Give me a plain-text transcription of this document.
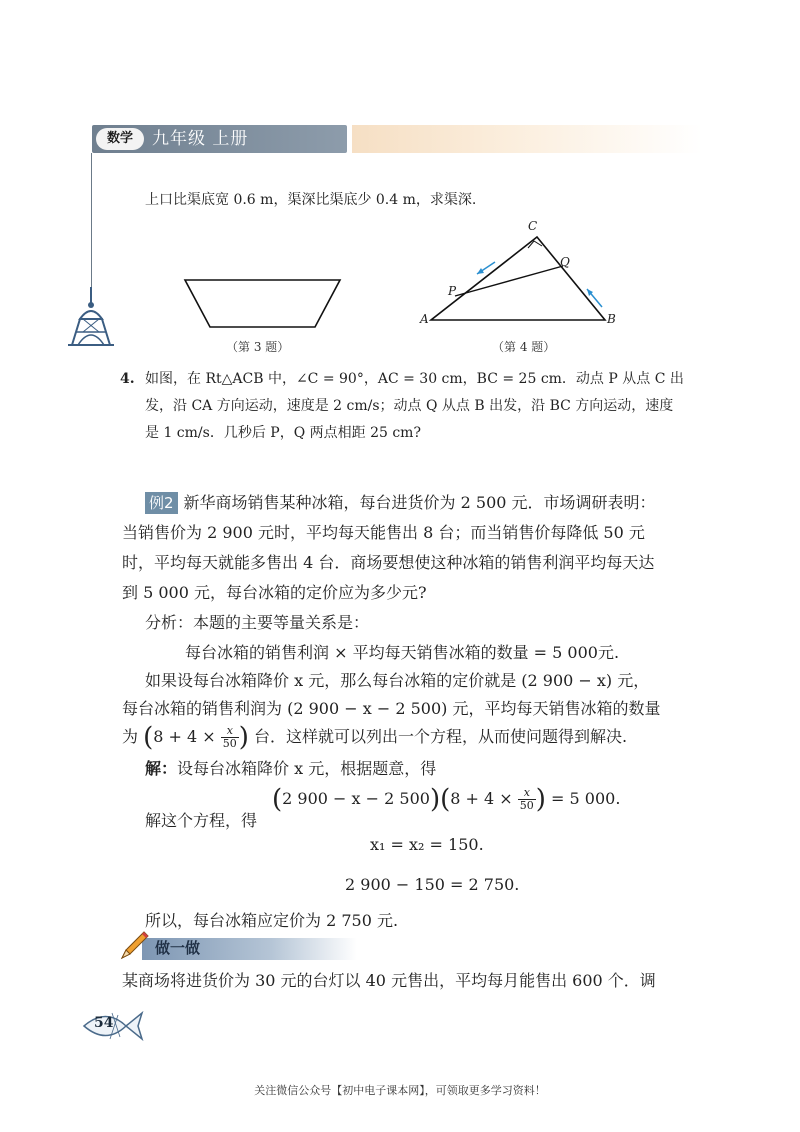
数学	九年级 上册
上口比渠底宽 0.6 m，渠深比渠底少 0.4 m，求渠深.
（第 3 题）
A	B
C
P
Q
（第 4 题）
4. 如图，在 Rt△ACB 中，∠C = 90°，AC = 30 cm，BC = 25 cm．动点 P 从点 C 出
发，沿 CA 方向运动，速度是 2 cm/s；动点 Q 从点 B 出发，沿 BC 方向运动，速度
是 1 cm/s．几秒后 P，Q 两点相距 25 cm?
例2 新华商场销售某种冰箱，每台进货价为 2 500 元．市场调研表明：
当销售价为 2 900 元时，平均每天能售出 8 台；而当销售价每降低 50 元
时，平均每天就能多售出 4 台．商场要想使这种冰箱的销售利润平均每天达
到 5 000 元，每台冰箱的定价应为多少元?
分析：本题的主要等量关系是：
每台冰箱的销售利润 × 平均每天销售冰箱的数量 = 5 000元.
如果设每台冰箱降价 x 元，那么每台冰箱的定价就是 (2 900 − x) 元，
每台冰箱的销售利润为 (2 900 − x − 2 500) 元，平均每天销售冰箱的数量
为 ($8 + 4 \times \frac{x}{50}$ ) 台．这样就可以列出一个方程，从而使问题得到解决.
解：设每台冰箱降价 x 元，根据题意，得
(2 900 − x − 2 $500)(8 + 4 \times \frac{x}{50}$ ) = 5 000.
解这个方程，得
x₁ = x₂ = 150.
2 900 − 150 = 2 750.
所以，每台冰箱应定价为 2 750 元.
做一做
某商场将进货价为 30 元的台灯以 40 元售出，平均每月能售出 600 个．调
54
关注微信公众号【初中电子课本网】，可领取更多学习资料！
